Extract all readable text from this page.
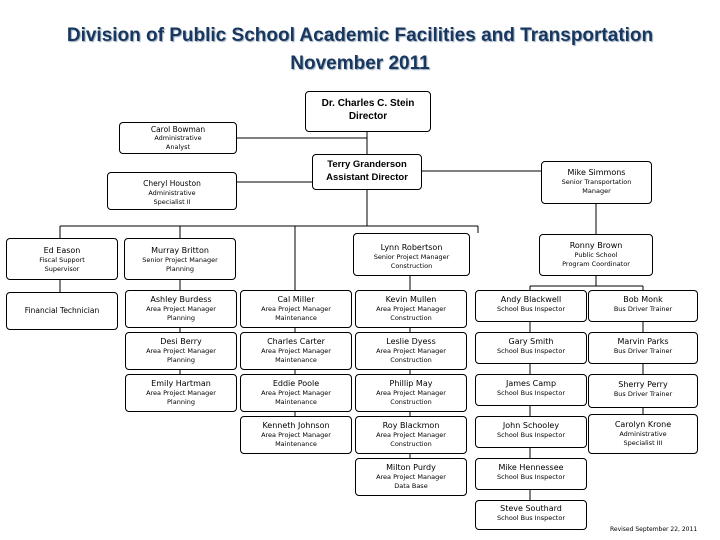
Division of Public School Academic Facilities and Transportation
November 2011
Dr. Charles C. Stein
Director
Carol Bowman
Administrative
Analyst
Terry Granderson
Assistant Director
Cheryl Houston
Administrative
Specialist II
Mike Simmons
Senior Transportation
Manager
Ed Eason
Fiscal Support
Supervisor
Murray Britton
Senior Project Manager
Planning
Lynn Robertson
Senior Project Manager
Construction
Ronny Brown
Public School
Program Coordinator
Financial Technician
Ashley Burdess
Area Project Manager
Planning
Desi Berry
Area Project Manager
Planning
Emily Hartman
Area Project Manager
Planning
Cal Miller
Area Project Manager
Maintenance
Charles Carter
Area Project Manager
Maintenance
Eddie Poole
Area Project Manager
Maintenance
Kenneth Johnson
Area Project Manager
Maintenance
Kevin Mullen
Area Project Manager
Construction
Leslie Dyess
Area Project Manager
Construction
Phillip May
Area Project Manager
Construction
Roy Blackmon
Area Project Manager
Construction
Milton Purdy
Area Project Manager
Data Base
Andy Blackwell
School Bus Inspector
Gary Smith
School Bus Inspector
James Camp
School Bus Inspector
John Schooley
School Bus Inspector
Mike Hennessee
School Bus Inspector
Steve Southard
School Bus Inspector
Bob Monk
Bus Driver Trainer
Marvin Parks
Bus Driver Trainer
Sherry Perry
Bus Driver Trainer
Carolyn Krone
Administrative
Specialist III
Revised September 22, 2011
